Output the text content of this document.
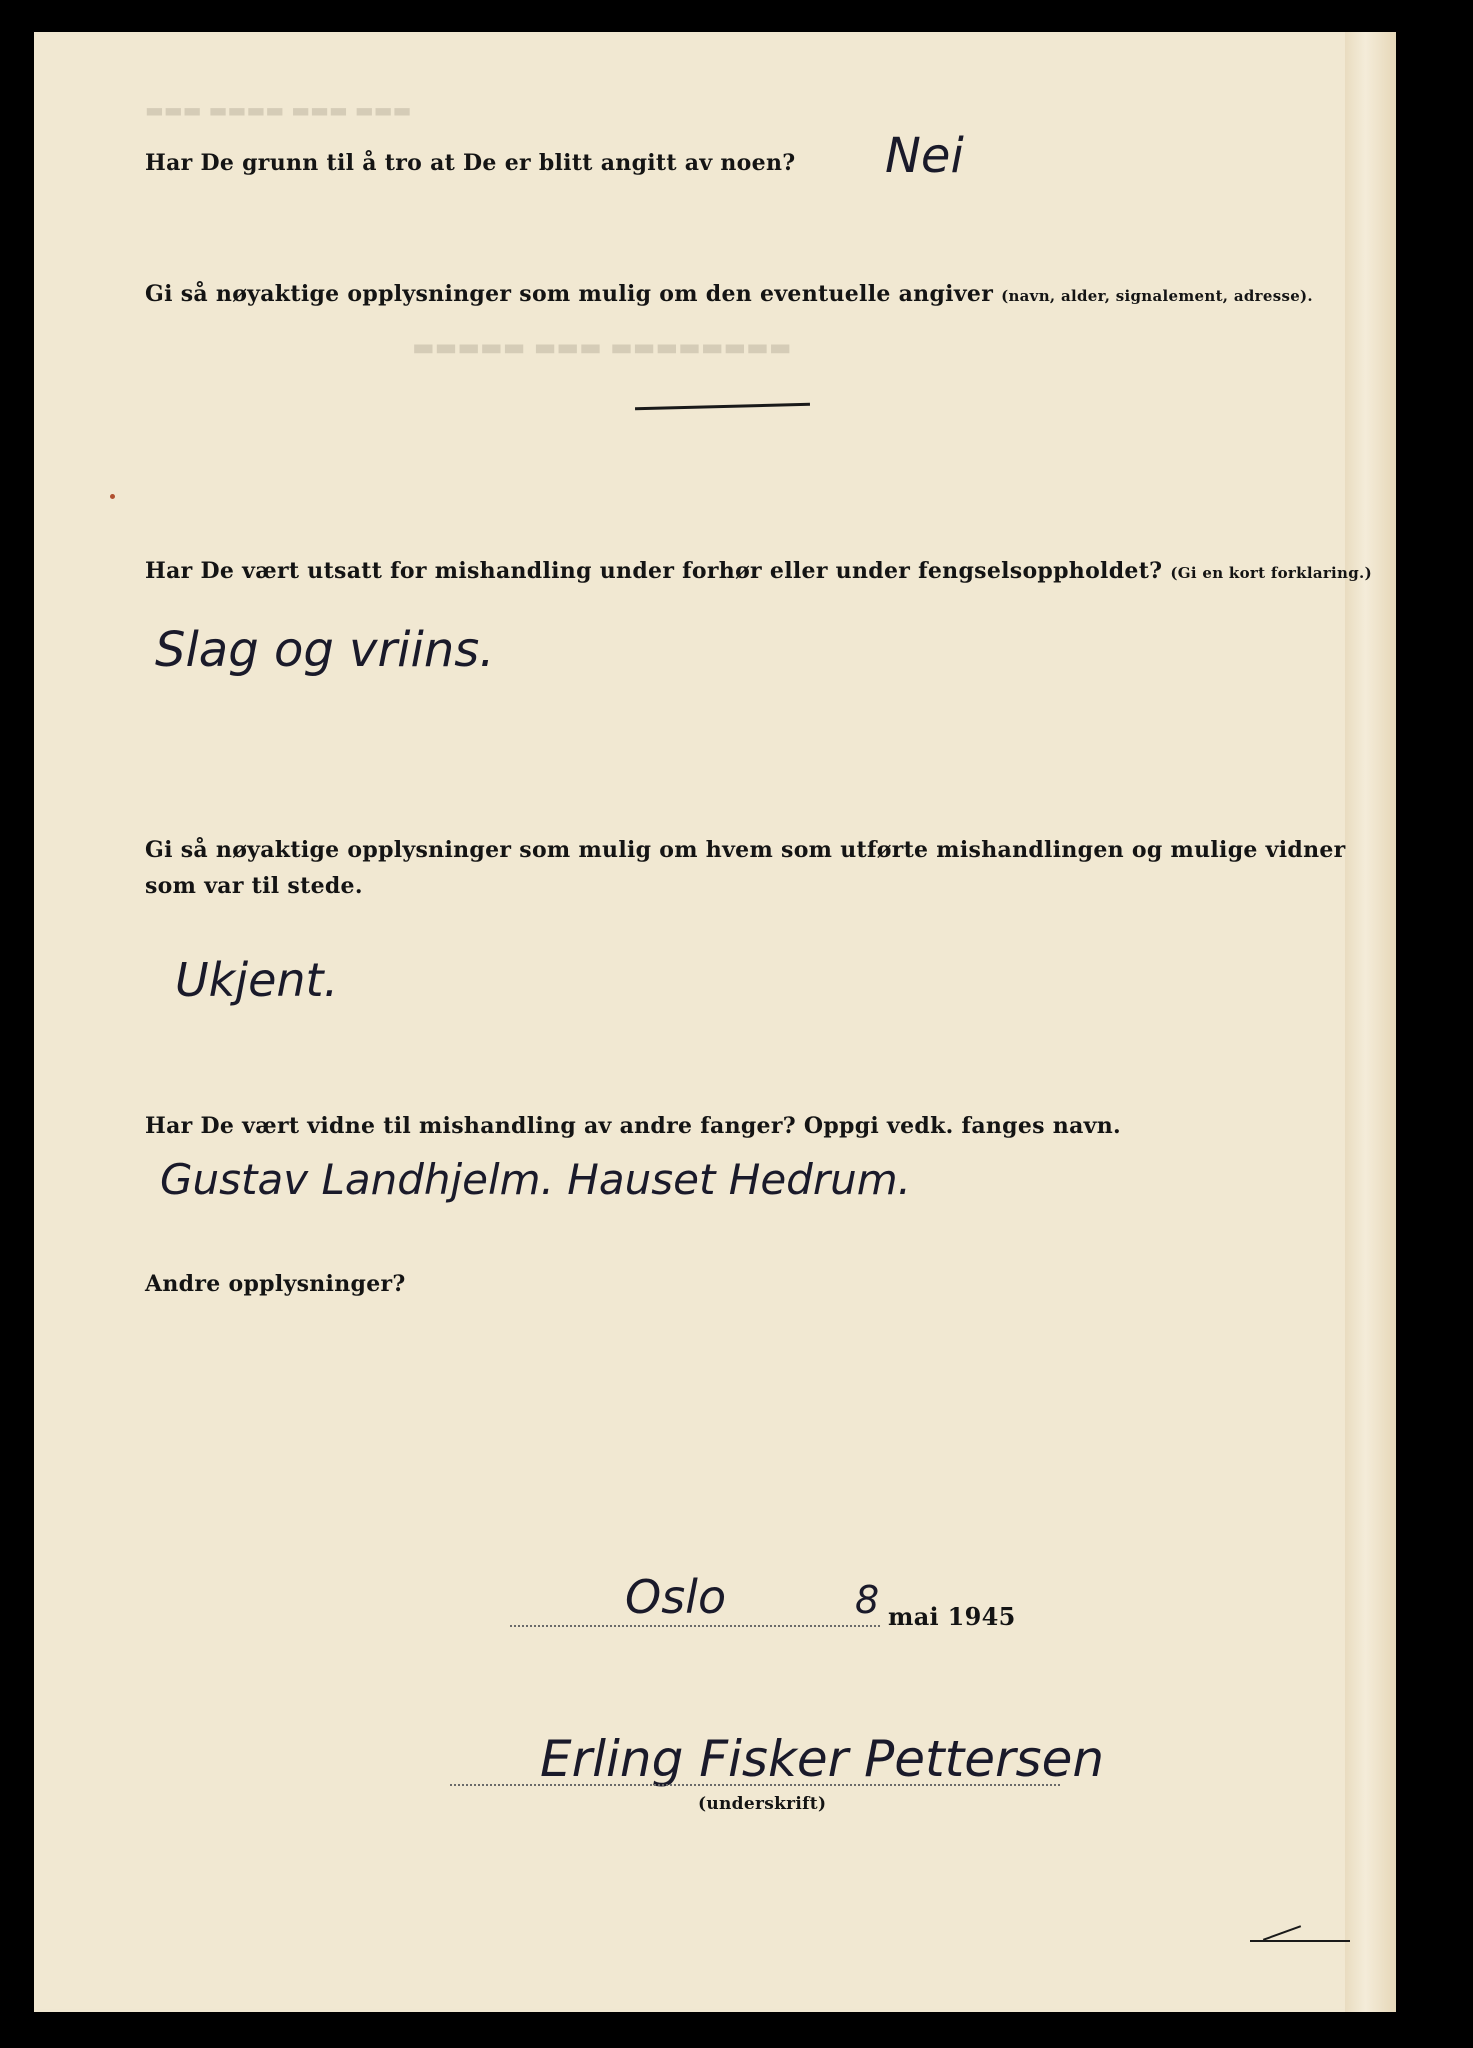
▬▬▬▬▬ ▬▬▬ ▬▬▬▬▬▬▬▬
▬▬▬ ▬▬▬▬ ▬▬▬ ▬▬▬
Har De grunn til å tro at De er blitt angitt av noen? Nei
Gi så nøyaktige opplysninger som mulig om den eventuelle angiver (navn, alder, signalement, adresse).
Har De vært utsatt for mishandling under forhør eller under fengselsoppholdet? (Gi en kort forklaring.)
Slag og vriins.
Gi så nøyaktige opplysninger som mulig om hvem som utførte mishandlingen og mulige vidner
som var til stede.
Ukjent.
Har De vært vidne til mishandling av andre fanger? Oppgi vedk. fanges navn.
Gustav Landhjelm. Hauset Hedrum.
Andre opplysninger?
Oslo	8 mai 1945
Erling Fisker Pettersen
(underskrift)
